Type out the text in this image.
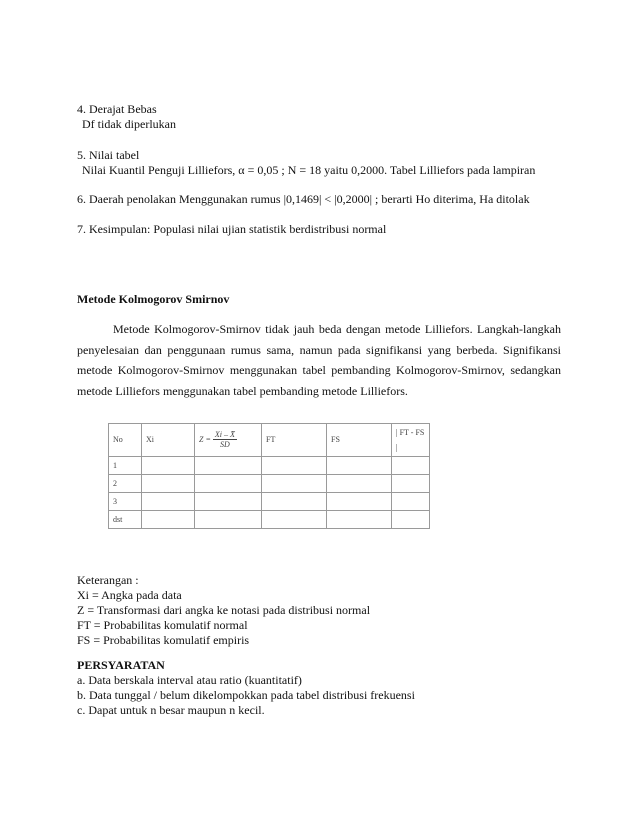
4. Derajat Bebas
Df tidak diperlukan
5. Nilai tabel
Nilai Kuantil Penguji Lilliefors, α = 0,05 ; N = 18 yaitu 0,2000. Tabel Lilliefors pada lampiran
6. Daerah penolakan Menggunakan rumus |0,1469| < |0,2000| ; berarti Ho diterima, Ha ditolak
7. Kesimpulan: Populasi nilai ujian statistik berdistribusi normal
Metode Kolmogorov Smirnov
Metode Kolmogorov-Smirnov tidak jauh beda dengan metode Lilliefors. Langkah-langkah penyelesaian dan penggunaan rumus sama, namun pada signifikansi yang berbeda. Signifikansi metode Kolmogorov-Smirnov menggunakan tabel pembanding Kolmogorov-Smirnov, sedangkan metode Lilliefors menggunakan tabel pembanding metode Lilliefors.
No	Xi	$Z = \frac{Xi - X̄}{SD}$	FT	FS	| FT - FS |
1					
2					
3					
dst					
Keterangan :
Xi = Angka pada data
Z = Transformasi dari angka ke notasi pada distribusi normal
FT = Probabilitas komulatif normal
FS = Probabilitas komulatif empiris
PERSYARATAN
a. Data berskala interval atau ratio (kuantitatif)
b. Data tunggal / belum dikelompokkan pada tabel distribusi frekuensi
c. Dapat untuk n besar maupun n kecil.
